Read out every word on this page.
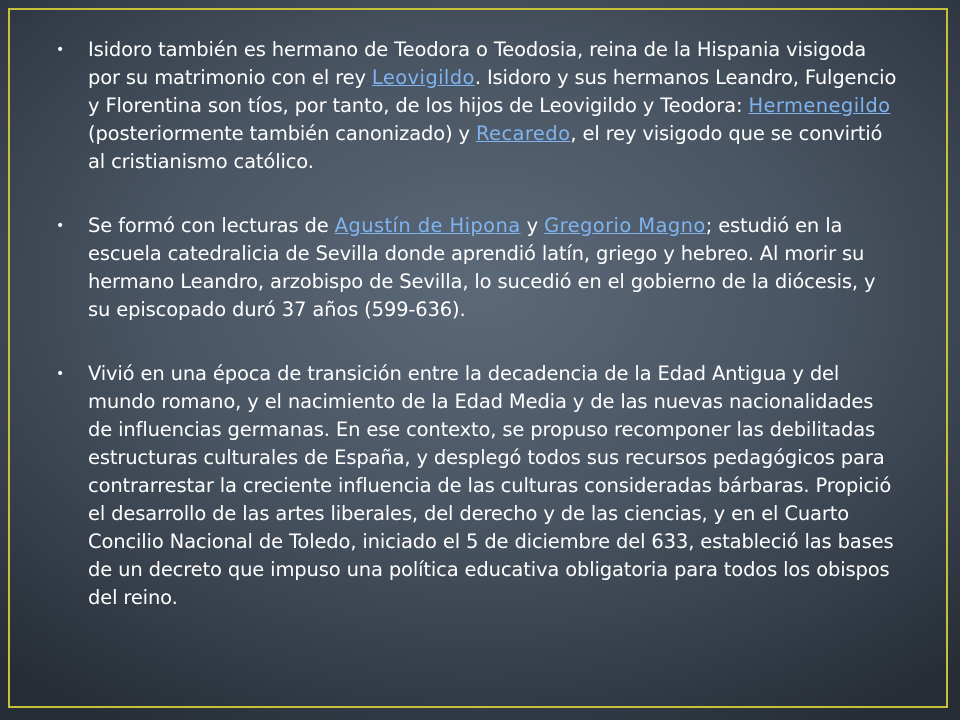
• Isidoro también es hermano de Teodora o Teodosia, reina de la Hispania visigoda por su matrimonio con el rey Leovigildo. Isidoro y sus hermanos Leandro, Fulgencio y Florentina son tíos, por tanto, de los hijos de Leovigildo y Teodora: Hermenegildo (posteriormente también canonizado) y Recaredo, el rey visigodo que se convirtió al cristianismo católico.
• Se formó con lecturas de Agustín de Hipona y Gregorio Magno; estudió en la escuela catedralicia de Sevilla donde aprendió latín, griego y hebreo. Al morir su hermano Leandro, arzobispo de Sevilla, lo sucedió en el gobierno de la diócesis, y su episcopado duró 37 años (599-636).
• Vivió en una época de transición entre la decadencia de la Edad Antigua y del mundo romano, y el nacimiento de la Edad Media y de las nuevas nacionalidades de influencias germanas. En ese contexto, se propuso recomponer las debilitadas estructuras culturales de España, y desplegó todos sus recursos pedagógicos para contrarrestar la creciente influencia de las culturas consideradas bárbaras. Propició el desarrollo de las artes liberales, del derecho y de las ciencias, y en el Cuarto Concilio Nacional de Toledo, iniciado el 5 de diciembre del 633, estableció las bases de un decreto que impuso una política educativa obligatoria para todos los obispos del reino.
